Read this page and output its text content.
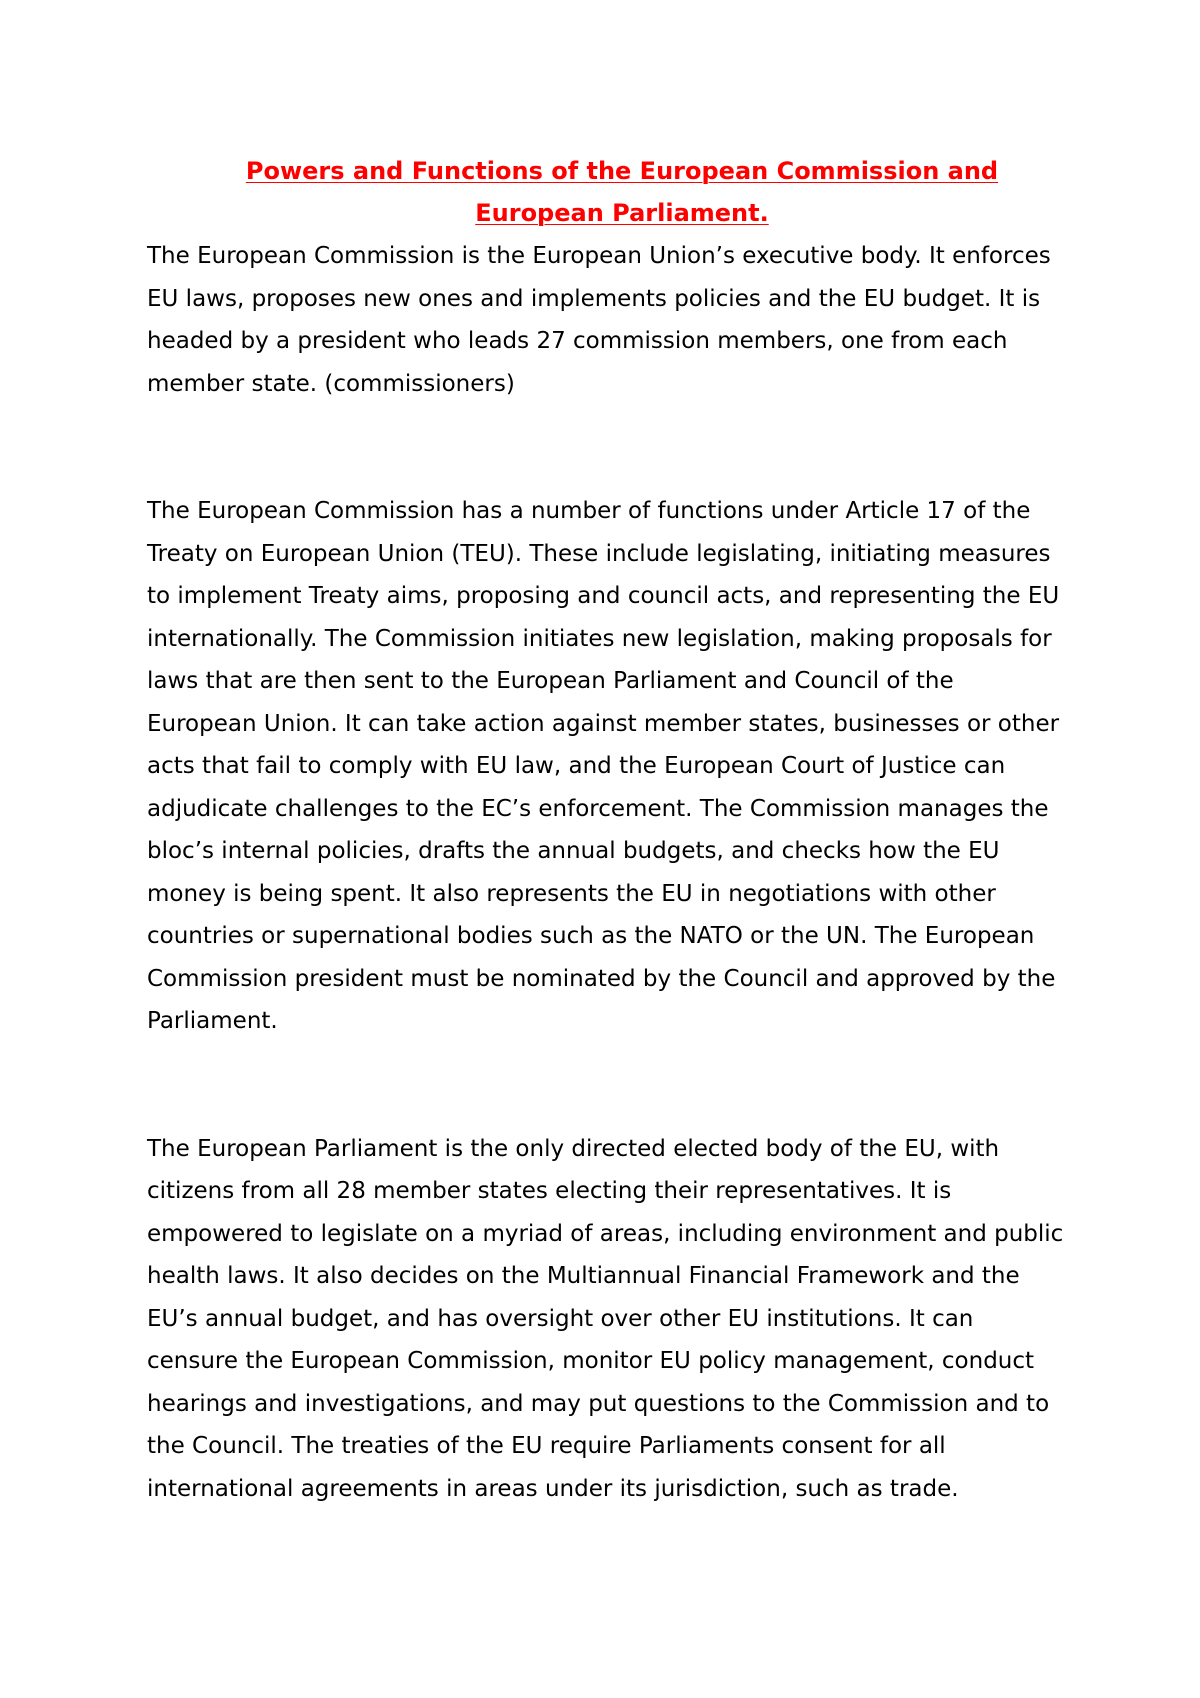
Powers and Functions of the European Commission and European Parliament.

The European Commission is the European Union’s executive body. It enforces EU laws, proposes new ones and implements policies and the EU budget. It is headed by a president who leads 27 commission members, one from each member state. (commissioners)

The European Commission has a number of functions under Article 17 of the Treaty on European Union (TEU). These include legislating, initiating measures to implement Treaty aims, proposing and council acts, and representing the EU internationally. The Commission initiates new legislation, making proposals for laws that are then sent to the European Parliament and Council of the European Union. It can take action against member states, businesses or other acts that fail to comply with EU law, and the European Court of Justice can adjudicate challenges to the EC’s enforcement. The Commission manages the bloc’s internal policies, drafts the annual budgets, and checks how the EU money is being spent. It also represents the EU in negotiations with other countries or supernational bodies such as the NATO or the UN. The European Commission president must be nominated by the Council and approved by the Parliament.

The European Parliament is the only directed elected body of the EU, with citizens from all 28 member states electing their representatives. It is empowered to legislate on a myriad of areas, including environment and public health laws. It also decides on the Multiannual Financial Framework and the EU’s annual budget, and has oversight over other EU institutions. It can censure the European Commission, monitor EU policy management, conduct hearings and investigations, and may put questions to the Commission and to the Council. The treaties of the EU require Parliaments consent for all international agreements in areas under its jurisdiction, such as trade.
